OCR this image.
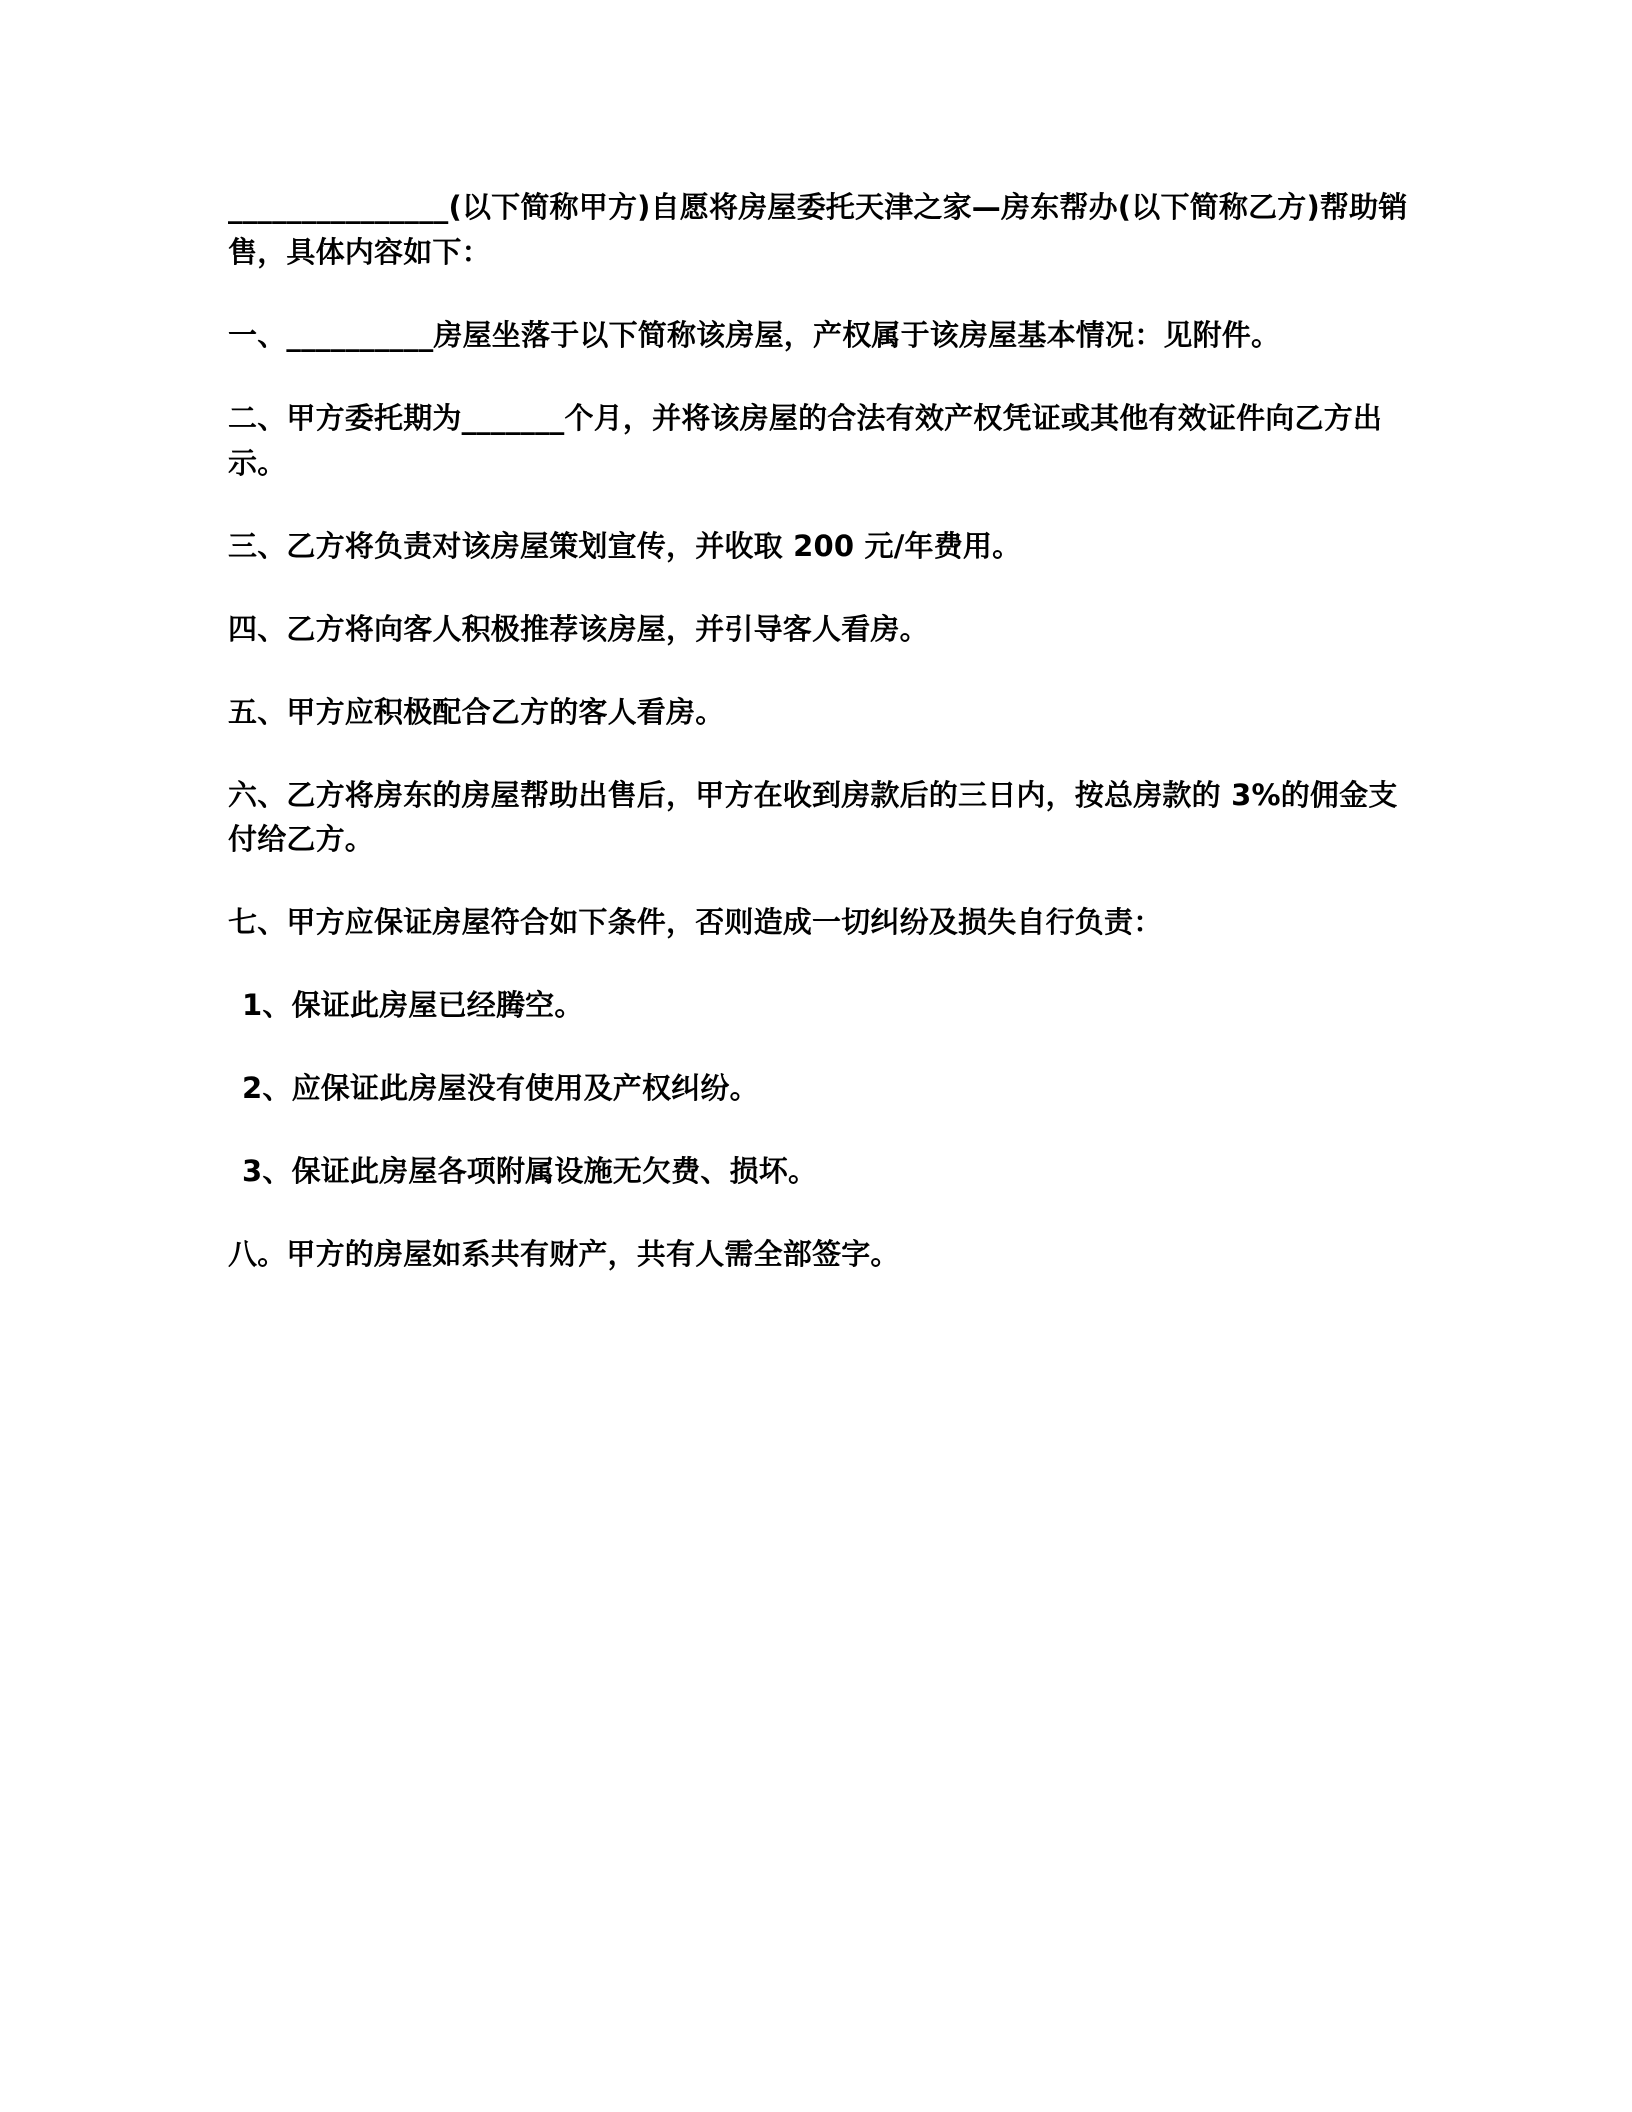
_______________(以下简称甲方)自愿将房屋委托天津之家—房东帮办(以下简称乙方)帮助销售，具体内容如下：

一、__________房屋坐落于以下简称该房屋，产权属于该房屋基本情况：见附件。

二、甲方委托期为_______个月，并将该房屋的合法有效产权凭证或其他有效证件向乙方出示。

三、乙方将负责对该房屋策划宣传，并收取 200 元/年费用。

四、乙方将向客人积极推荐该房屋，并引导客人看房。

五、甲方应积极配合乙方的客人看房。

六、乙方将房东的房屋帮助出售后，甲方在收到房款后的三日内，按总房款的 3%的佣金支付给乙方。

七、甲方应保证房屋符合如下条件，否则造成一切纠纷及损失自行负责：

1、保证此房屋已经腾空。

2、应保证此房屋没有使用及产权纠纷。

3、保证此房屋各项附属设施无欠费、损坏。

八。甲方的房屋如系共有财产，共有人需全部签字。
